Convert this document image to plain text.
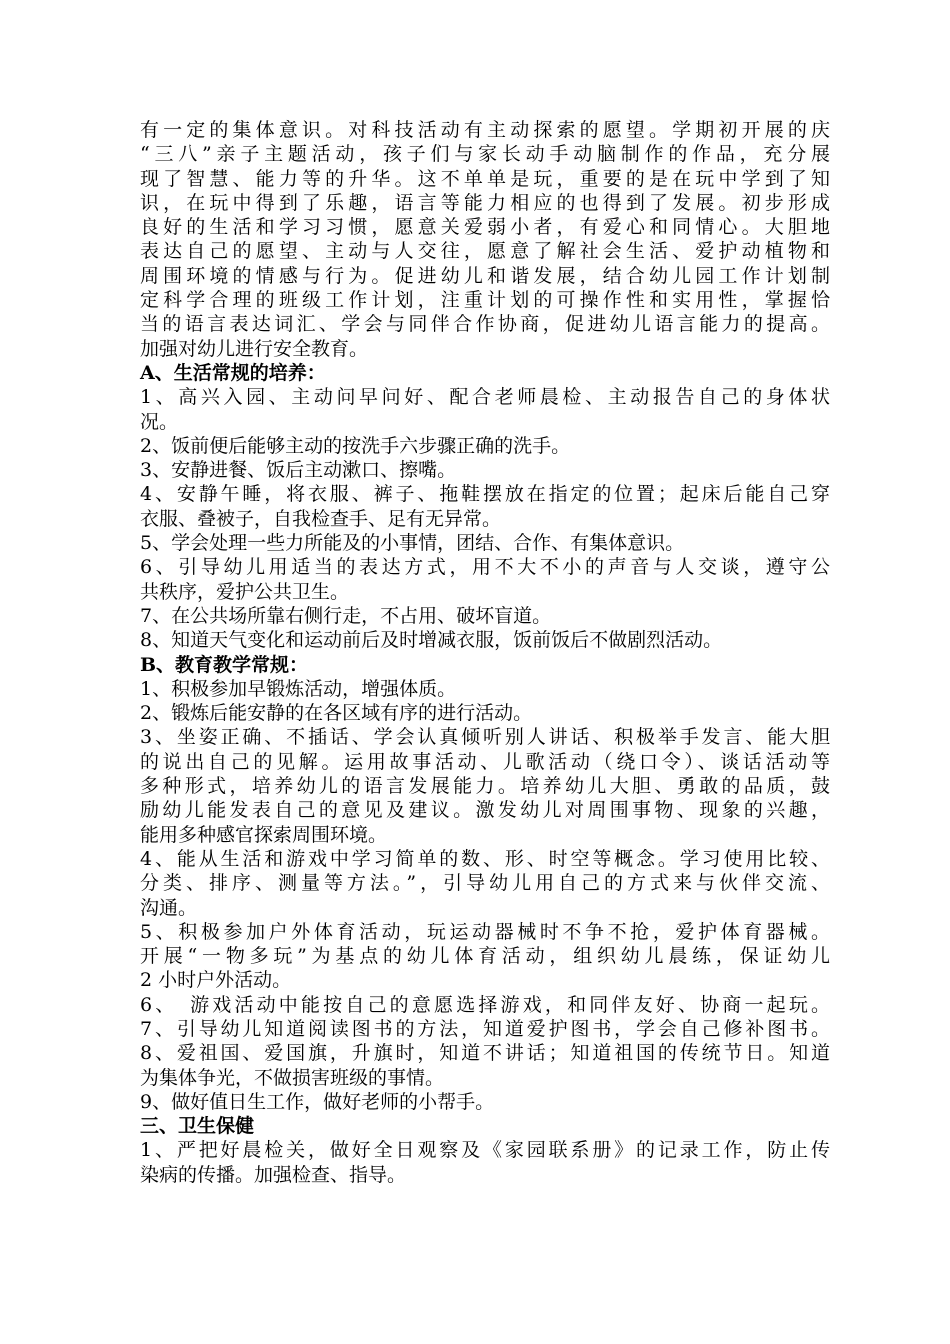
有一定的集体意识。对科技活动有主动探索的愿望。学期初开展的庆
“三八”亲子主题活动，孩子们与家长动手动脑制作的作品，充分展
现了智慧、能力等的升华。这不单单是玩，重要的是在玩中学到了知
识，在玩中得到了乐趣，语言等能力相应的也得到了发展。初步形成
良好的生活和学习习惯，愿意关爱弱小者，有爱心和同情心。大胆地
表达自己的愿望、主动与人交往，愿意了解社会生活、爱护动植物和
周围环境的情感与行为。促进幼儿和谐发展，结合幼儿园工作计划制
定科学合理的班级工作计划，注重计划的可操作性和实用性，掌握恰
当的语言表达词汇、学会与同伴合作协商，促进幼儿语言能力的提高。
加强对幼儿进行安全教育。
A、生活常规的培养：
1、高兴入园、主动问早问好、配合老师晨检、主动报告自己的身体状
况。
2、饭前便后能够主动的按洗手六步骤正确的洗手。
3、安静进餐、饭后主动漱口、擦嘴。
4、安静午睡，将衣服、裤子、拖鞋摆放在指定的位置；起床后能自己穿
衣服、叠被子，自我检查手、足有无异常。
5、学会处理一些力所能及的小事情，团结、合作、有集体意识。
6、引导幼儿用适当的表达方式，用不大不小的声音与人交谈，遵守公
共秩序，爱护公共卫生。
7、在公共场所靠右侧行走，不占用、破坏盲道。
8、知道天气变化和运动前后及时增减衣服，饭前饭后不做剧烈活动。
B、教育教学常规：
1、积极参加早锻炼活动，增强体质。
2、锻炼后能安静的在各区域有序的进行活动。
3、坐姿正确、不插话、学会认真倾听别人讲话、积极举手发言、能大胆
的说出自己的见解。运用故事活动、儿歌活动（绕口令）、谈话活动等
多种形式，培养幼儿的语言发展能力。培养幼儿大胆、勇敢的品质，鼓
励幼儿能发表自己的意见及建议。激发幼儿对周围事物、现象的兴趣，
能用多种感官探索周围环境。
4、能从生活和游戏中学习简单的数、形、时空等概念。学习使用比较、
分类、排序、测量等方法。”，引导幼儿用自己的方式来与伙伴交流、
沟通。
5、积极参加户外体育活动，玩运动器械时不争不抢，爱护体育器械。
开展“一物多玩”为基点的幼儿体育活动，组织幼儿晨练，保证幼儿
2 小时户外活动。
6、　游戏活动中能按自己的意愿选择游戏，和同伴友好、协商一起玩。
7、引导幼儿知道阅读图书的方法，知道爱护图书，学会自己修补图书。
8、爱祖国、爱国旗，升旗时，知道不讲话；知道祖国的传统节日。知道
为集体争光，不做损害班级的事情。
9、做好值日生工作，做好老师的小帮手。
三、卫生保健
1、严把好晨检关，做好全日观察及《家园联系册》的记录工作，防止传
染病的传播。加强检查、指导。
